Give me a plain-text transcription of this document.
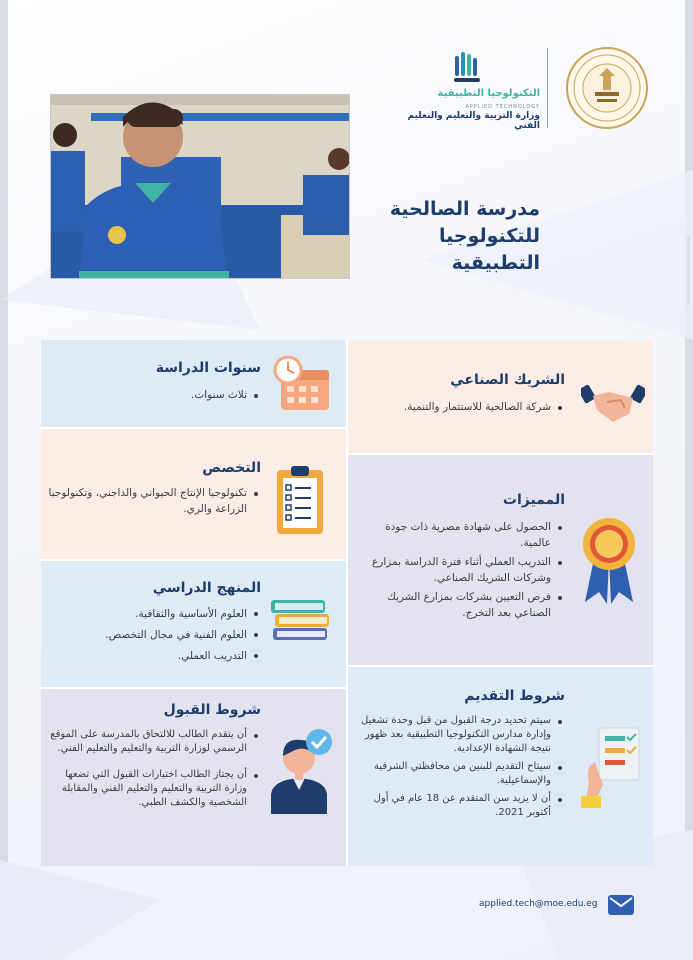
التكنولوجيا التطبيقية
APPLIED TECHNOLOGY
وزارة التربية والتعليم والتعليم الفني
مدرسة الصالحية
للتكنولوجيا التطبيقية
الشريك الصناعي
شركة الصالحية للاستثمار والتنمية.
سنوات الدراسة
ثلاث سنوات.
التخصص
تكنولوجيا الإنتاج الحيواني والداجني، وتكنولوجيا الزراعة والري.
المميزات
الحصول على شهادة مصرية ذات جودة عالمية.
التدريب العملي أثناء فترة الدراسة بمزارع وشركات الشريك الصناعي.
فرص التعيين بشركات بمزارع الشريك الصناعي بعد التخرج.
المنهج الدراسي
العلوم الأساسية والثقافية.
العلوم الفنية في مجال التخصص.
التدريب العملي.
شروط التقديم
سيتم تحديد درجة القبول من قبل وحدة تشغيل وإدارة مدارس التكنولوجيا التطبيقية بعد ظهور نتيجة الشهادة الإعدادية.
سيتاح التقديم للبنين من محافظتي الشرقية والإسماعيلية.
أن لا يزيد سن المتقدم عن 18 عام في أول أكتوبر 2021.
شروط القبول
أن يتقدم الطالب للالتحاق بالمدرسة على الموقع الرسمي لوزارة التربية والتعليم والتعليم الفني.
أن يجتاز الطالب اختبارات القبول التي تضعها وزارة التربية والتعليم والتعليم الفني والمقابلة الشخصية والكشف الطبي.
applied.tech@moe.edu.eg
